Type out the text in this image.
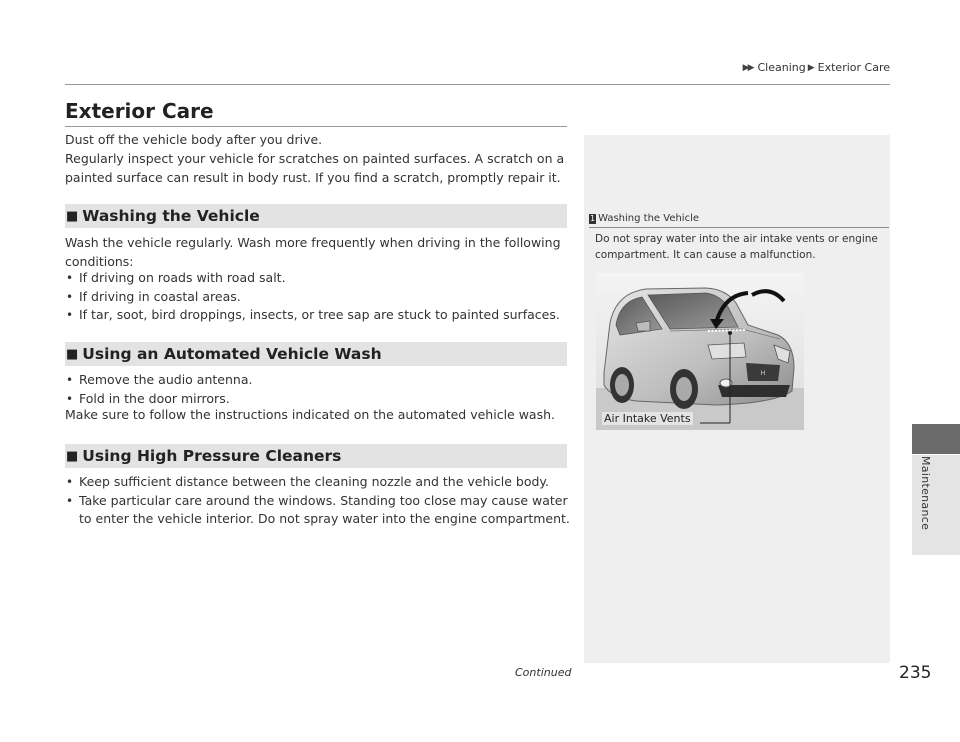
▶▶ Cleaning ▶ Exterior Care
Maintenance
Exterior Care

Dust off the vehicle body after you drive.

Regularly inspect your vehicle for scratches on painted surfaces. A scratch on a painted surface can result in body rust. If you find a scratch, promptly repair it.

■ Washing the Vehicle

Wash the vehicle regularly. Wash more frequently when driving in the following conditions:

• If driving on roads with road salt.
• If driving in coastal areas.
• If tar, soot, bird droppings, insects, or tree sap are stuck to painted surfaces.
■ Using an Automated Vehicle Wash
• Remove the audio antenna.
• Fold in the door mirrors.

Make sure to follow the instructions indicated on the automated vehicle wash.

■ Using High Pressure Cleaners
• Keep sufficient distance between the cleaning nozzle and the vehicle body.
• Take particular care around the windows. Standing too close may cause water to enter the vehicle interior. Do not spray water into the engine compartment.
1 Washing the Vehicle

Do not spray water into the air intake vents or engine compartment. It can cause a malfunction.

H
Air Intake Vents
Continued	235
